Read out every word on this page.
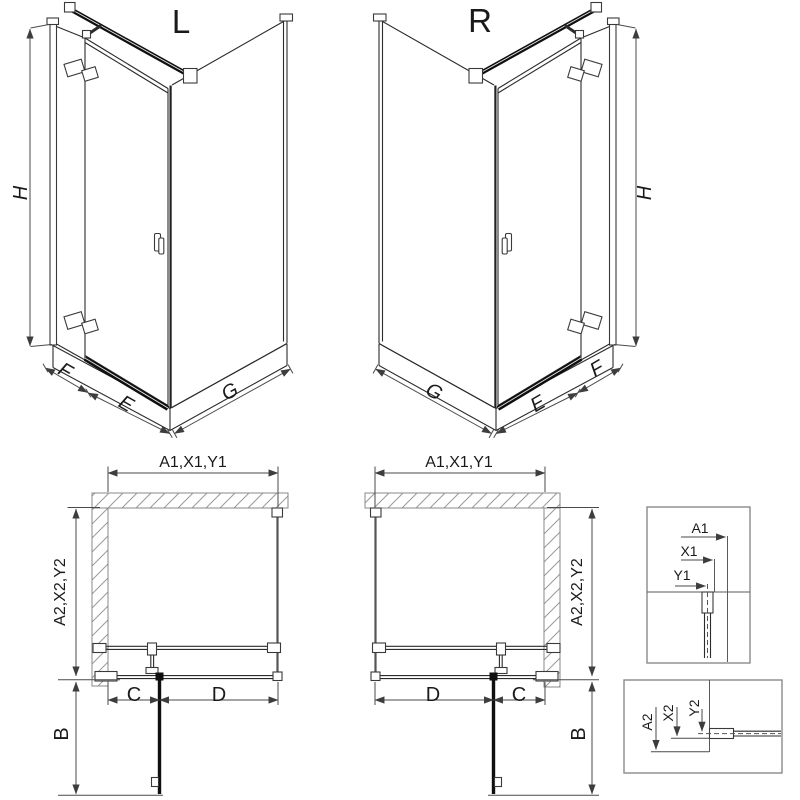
L
H
F
E	G
R
H
F
E
G
A1,X1,Y1
A2,X2,Y2
C	D
B
A1,X1,Y1
A2,X2,Y2
D	C
B
A1
X1
Y1
A2
X2 Y2
